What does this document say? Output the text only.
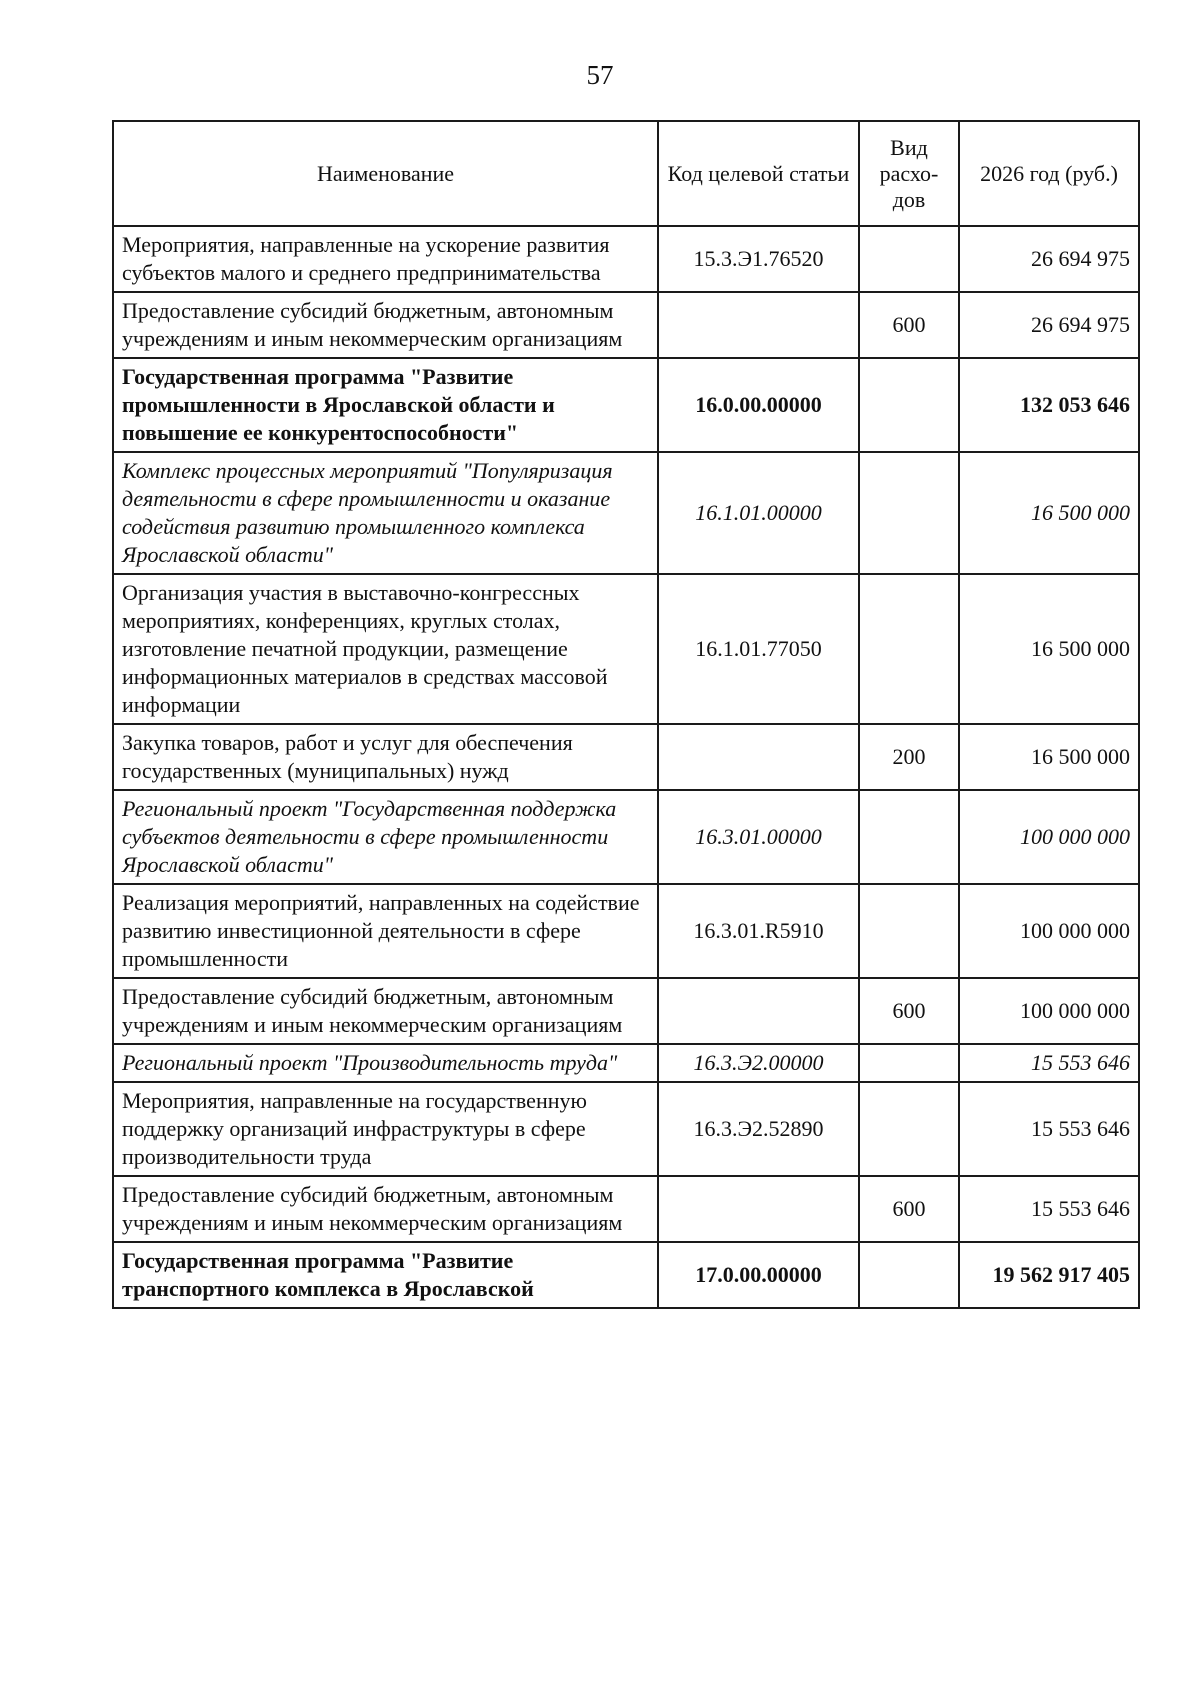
57
Наименование	Код целевой статьи	Вид расхо-дов	2026 год (руб.)
Мероприятия, направленные на ускорение развития субъектов малого и среднего предпринимательства	15.3.Э1.76520		26 694 975
Предоставление субсидий бюджетным, автономным учреждениям и иным некоммерческим организациям		600	26 694 975
Государственная программа "Развитие промышленности в Ярославской области и повышение ее конкурентоспособности"	16.0.00.00000		132 053 646
Комплекс процессных мероприятий "Популяризация деятельности в сфере промышленности и оказание содействия развитию промышленного комплекса Ярославской области"	16.1.01.00000		16 500 000
Организация участия в выставочно-конгрессных мероприятиях, конференциях, круглых столах, изготовление печатной продукции, размещение информационных материалов в средствах массовой информации	16.1.01.77050		16 500 000
Закупка товаров, работ и услуг для обеспечения государственных (муниципальных) нужд		200	16 500 000
Региональный проект "Государственная поддержка субъектов деятельности в сфере промышленности Ярославской области"	16.3.01.00000		100 000 000
Реализация мероприятий, направленных на содействие развитию инвестиционной деятельности в сфере промышленности	16.3.01.R5910		100 000 000
Предоставление субсидий бюджетным, автономным учреждениям и иным некоммерческим организациям		600	100 000 000
Региональный проект "Производительность труда"	16.3.Э2.00000		15 553 646
Мероприятия, направленные на государственную поддержку организаций инфраструктуры в сфере производительности труда	16.3.Э2.52890		15 553 646
Предоставление субсидий бюджетным, автономным учреждениям и иным некоммерческим организациям		600	15 553 646
Государственная программа "Развитие транспортного комплекса в Ярославской	17.0.00.00000		19 562 917 405
